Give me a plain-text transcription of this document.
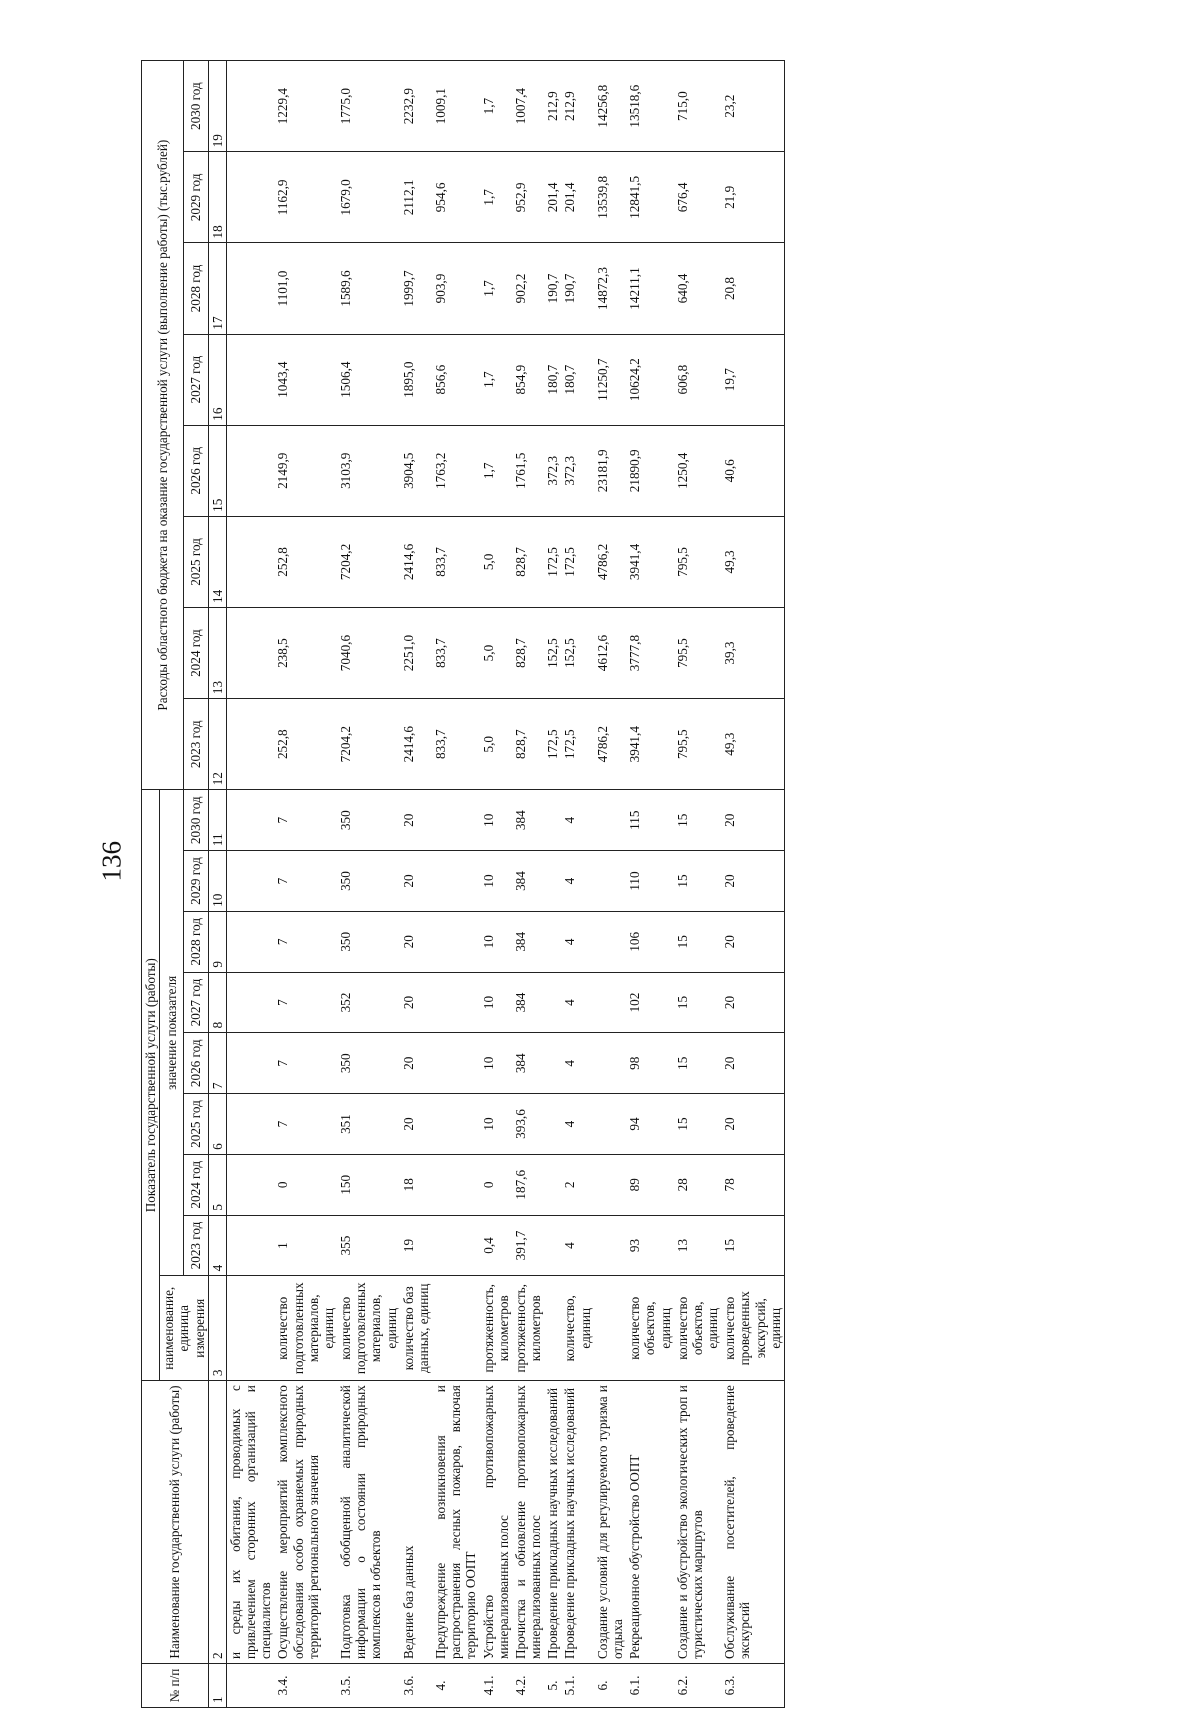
136
№ п/п	Наименование государственной услуги (работы)	Показатель государственной услуги (работы)									Расходы областного бюджета на оказание государственной услуги (выполнение работы) (тыс.рублей)							
		наименование, единица измерения	значение показателя															
			2023 год	2024 год	2025 год	2026 год	2027 год	2028 год	2029 год	2030 год	2023 год	2024 год	2025 год	2026 год	2027 год	2028 год	2029 год	2030 год
1	2	3	4	5	6	7	8	9	10	11	12	13	14	15	16	17	18	19
	и среды их обитания, проводимых с привлечением сторонних организаций и специалистов																	
3.4.	Осуществление мероприятий комплексного обследования особо охраняемых природных территорий регионального значения	количество подготовленных материалов, единиц	1	0	7	7	7	7	7	7	252,8	238,5	252,8	2149,9	1043,4	1101,0	1162,9	1229,4
3.5.	Подготовка обобщенной аналитической информации о состоянии природных комплексов и объектов	количество подготовленных материалов, единиц	355	150	351	350	352	350	350	350	7204,2	7040,6	7204,2	3103,9	1506,4	1589,6	1679,0	1775,0
3.6.	Ведение баз данных	количество баз данных, единиц	19	18	20	20	20	20	20	20	2414,6	2251,0	2414,6	3904,5	1895,0	1999,7	2112,1	2232,9
4.	Предупреждение возникновения и распространения лесных пожаров, включая территорию ООПТ										833,7	833,7	833,7	1763,2	856,6	903,9	954,6	1009,1
4.1.	Устройство противопожарных минерализованных полос	протяженность, километров	0,4	0	10	10	10	10	10	10	5,0	5,0	5,0	1,7	1,7	1,7	1,7	1,7
4.2.	Прочистка и обновление противопожарных минерализованных полос	протяженность, километров	391,7	187,6	393,6	384	384	384	384	384	828,7	828,7	828,7	1761,5	854,9	902,2	952,9	1007,4
5.	Проведение прикладных научных исследований										172,5	152,5	172,5	372,3	180,7	190,7	201,4	212,9
5.1.	Проведение прикладных научных исследований	количество, единиц	4	2	4	4	4	4	4	4	172,5	152,5	172,5	372,3	180,7	190,7	201,4	212,9
6.	Создание условий для регулируемого туризма и отдыха										4786,2	4612,6	4786,2	23181,9	11250,7	14872,3	13539,8	14256,8
6.1.	Рекреационное обустройство ООПТ	количество объектов, единиц	93	89	94	98	102	106	110	115	3941,4	3777,8	3941,4	21890,9	10624,2	14211,1	12841,5	13518,6
6.2.	Создание и обустройство экологических троп и туристических маршрутов	количество объектов, единиц	13	28	15	15	15	15	15	15	795,5	795,5	795,5	1250,4	606,8	640,4	676,4	715,0
6.3.	Обслуживание посетителей, проведение экскурсий	количество проведенных экскурсий, единиц	15	78	20	20	20	20	20	20	49,3	39,3	49,3	40,6	19,7	20,8	21,9	23,2
